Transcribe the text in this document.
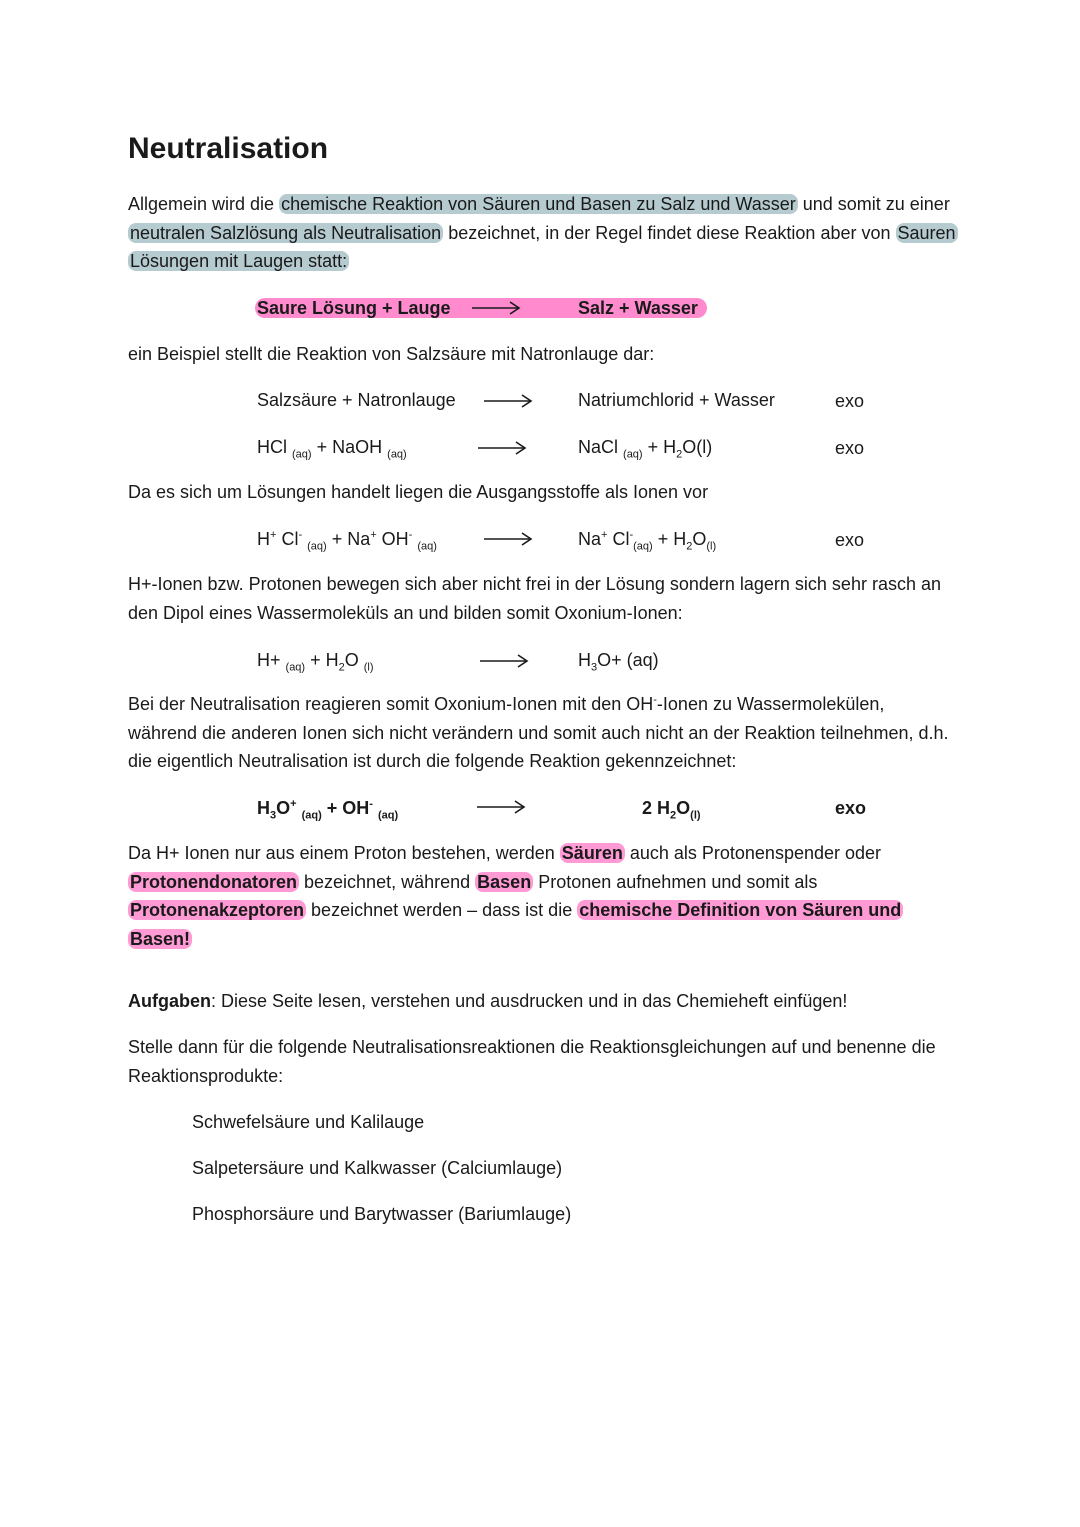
Neutralisation
Allgemein wird die chemische Reaktion von Säuren und Basen zu Salz und Wasser und somit zu einer neutralen Salzlösung als Neutralisation bezeichnet, in der Regel findet diese Reaktion aber von Sauren Lösungen mit Laugen statt:
Saure Lösung + Lauge →	Salz + Wasser
ein Beispiel stellt die Reaktion von Salzsäure mit Natronlauge dar:
Salzsäure + Natronlauge	Natriumchlorid + Wasser	exo
HCl $_{(aq)}$ + NaOH $_{(aq)}$	NaCl $_{(aq)} + H_2O(l)$	exo
Da es sich um Lösungen handelt liegen die Ausgangsstoffe als Ionen vor
H+ Cl- $_{(aq)}$ + Na+ OH- $_{(aq)}$	Na+ $Cl^-_{(aq)} + H_2O_{(l)}$	exo
H+-Ionen bzw. Protonen bewegen sich aber nicht frei in der Lösung sondern lagern sich sehr rasch an den Dipol eines Wassermoleküls an und bilden somit Oxonium-Ionen:
$H+ _{(aq)} + H_2O$ $_{(l)}$	$H_3O+ (aq)$
Bei der Neutralisation reagieren somit Oxonium-Ionen mit den OH--Ionen zu Wassermolekülen, während die anderen Ionen sich nicht verändern und somit auch nicht an der Reaktion teilnehmen, d.h. die eigentlich Neutralisation ist durch die folgende Reaktion gekennzeichnet:
$H_3O^+$ $_{(aq)}$ + OH- $_{(aq)}$	2 $H_2O_{(l)}$	exo
Da H+ Ionen nur aus einem Proton bestehen, werden Säuren auch als Protonenspender oder Protonendonatoren bezeichnet, während Basen Protonen aufnehmen und somit als Protonenakzeptoren bezeichnet werden – dass ist die chemische Definition von Säuren und Basen!
Aufgaben: Diese Seite lesen, verstehen und ausdrucken und in das Chemieheft einfügen!
Stelle dann für die folgende Neutralisationsreaktionen die Reaktionsgleichungen auf und benenne die Reaktionsprodukte:
Schwefelsäure und Kalilauge
Salpetersäure und Kalkwasser (Calciumlauge)
Phosphorsäure und Barytwasser (Bariumlauge)
